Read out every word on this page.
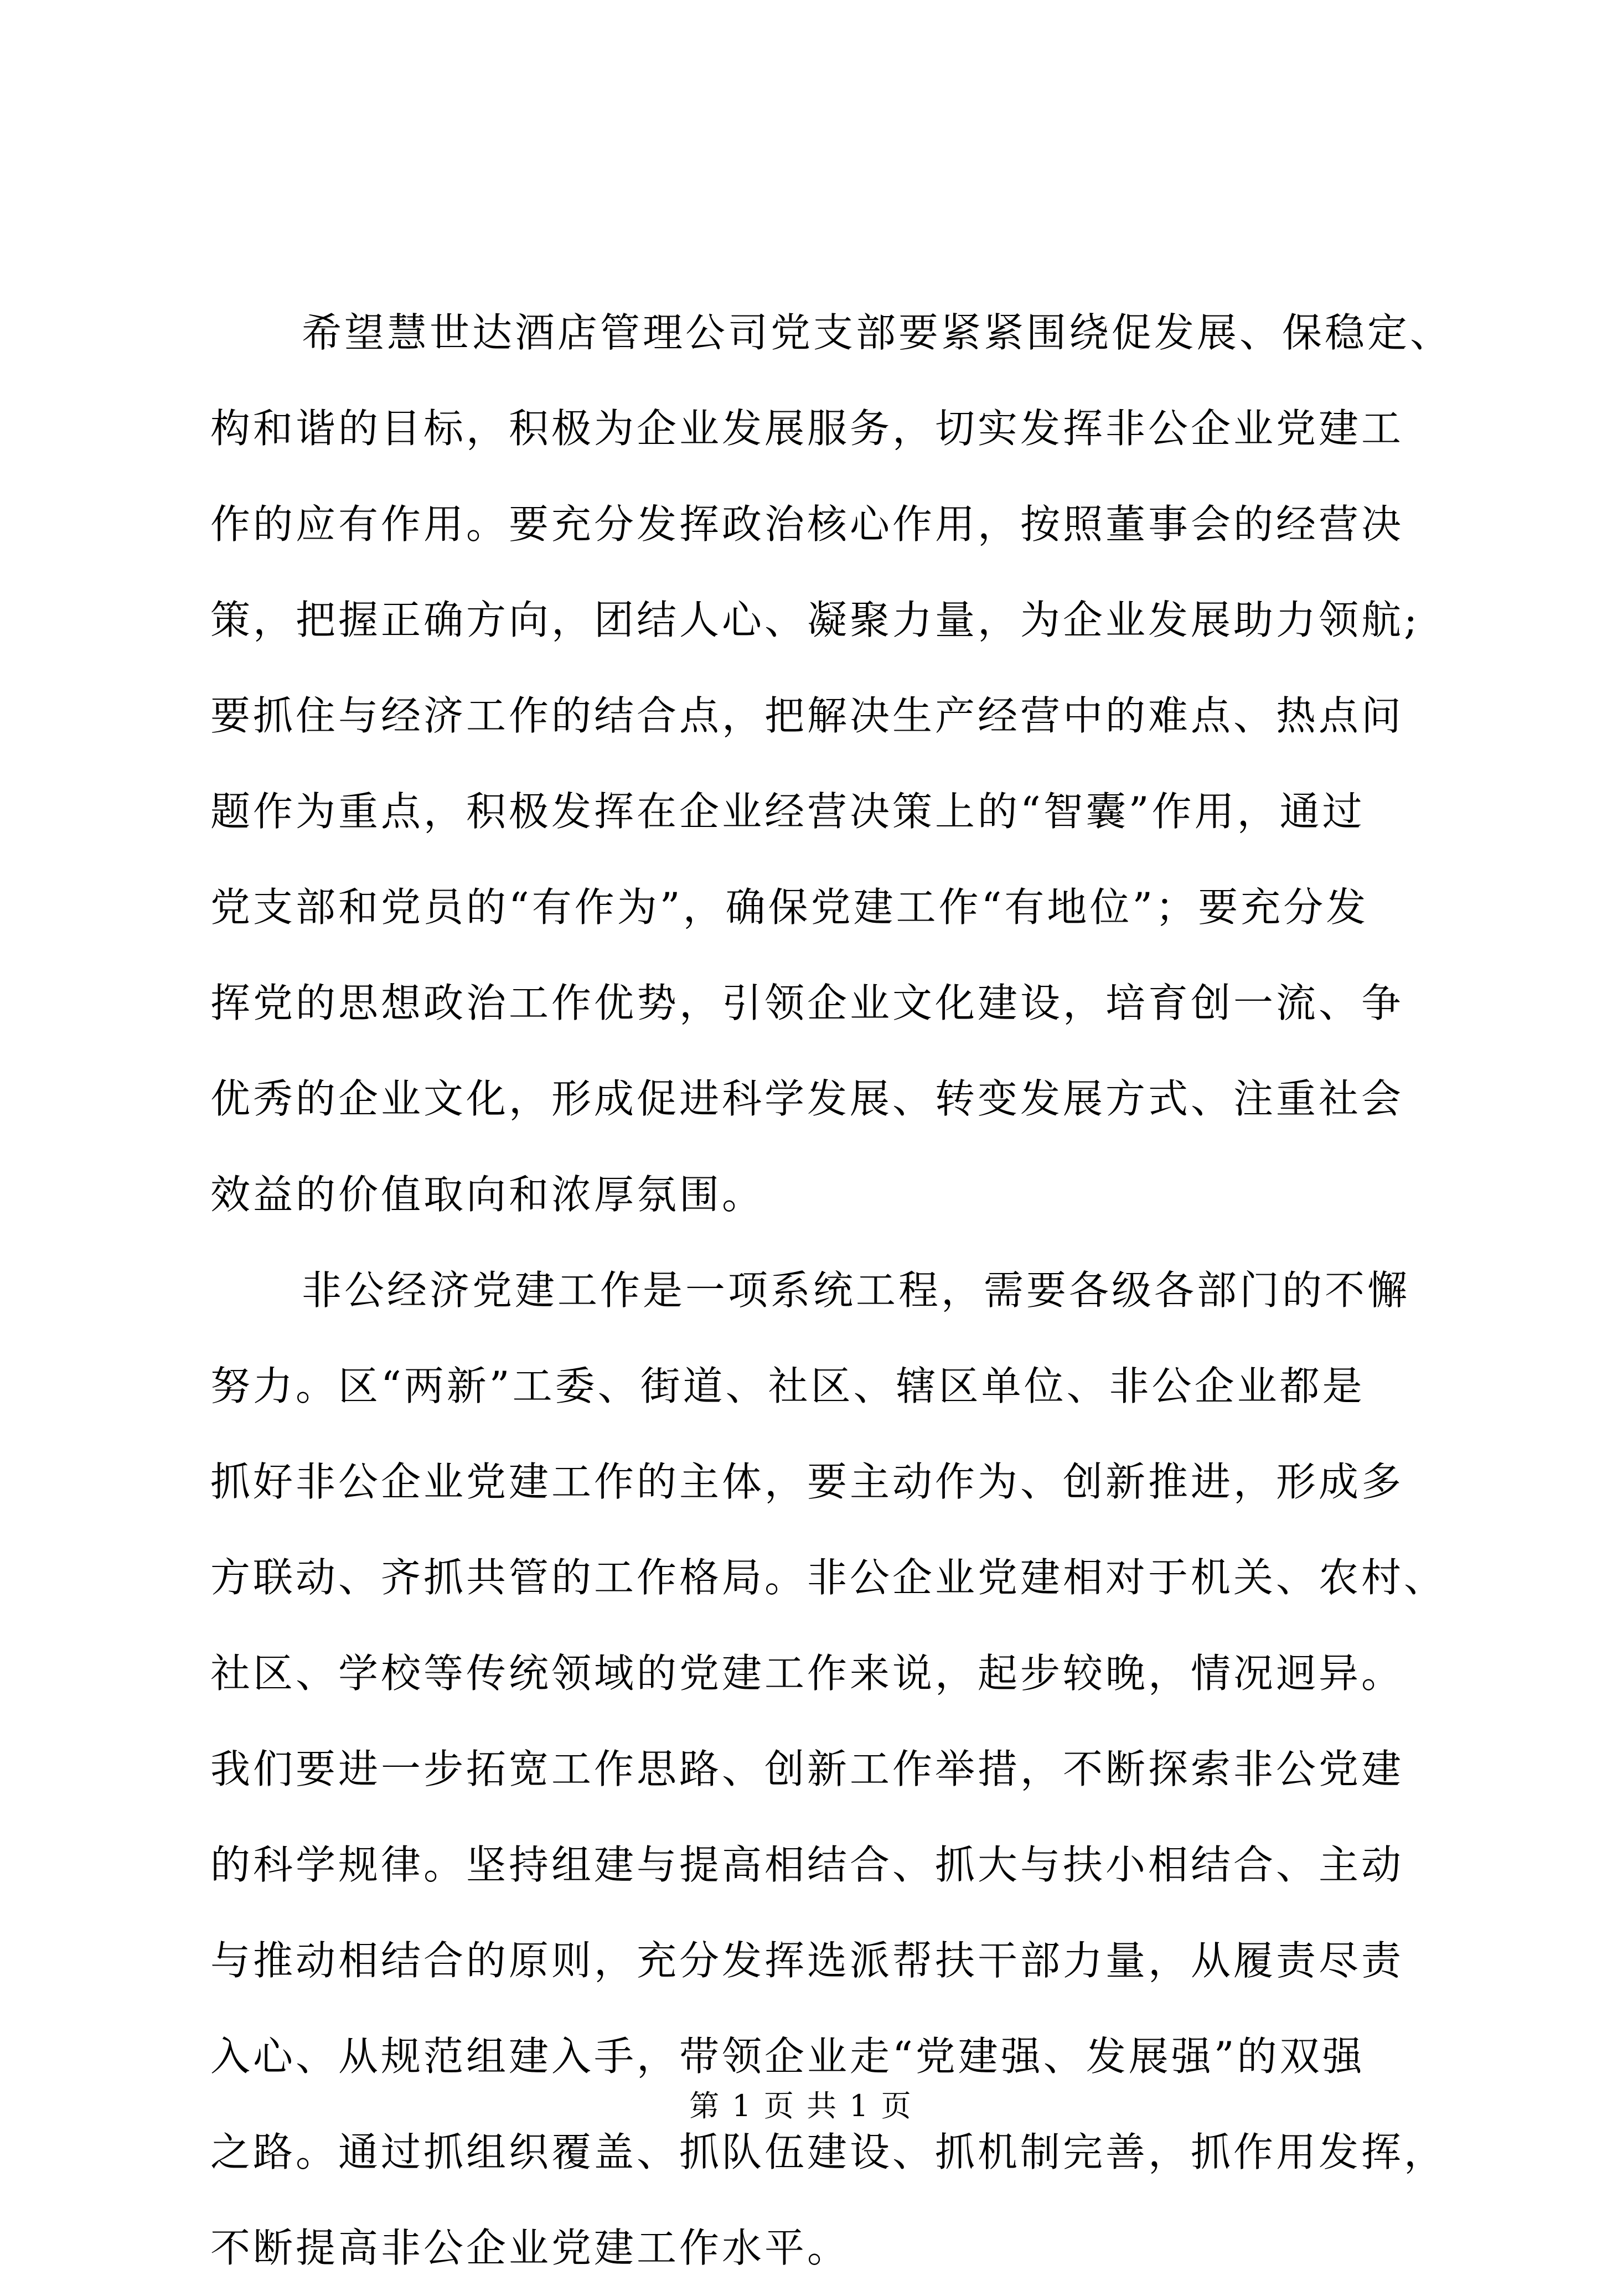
希望慧世达酒店管理公司党支部要紧紧围绕促发展、保稳定、
构和谐的目标，积极为企业发展服务，切实发挥非公企业党建工
作的应有作用。要充分发挥政治核心作用，按照董事会的经营决
策，把握正确方向，团结人心、凝聚力量，为企业发展助力领航;
要抓住与经济工作的结合点，把解决生产经营中的难点、热点问
题作为重点，积极发挥在企业经营决策上的“智囊”作用，通过
党支部和党员的“有作为”，确保党建工作“有地位”；要充分发
挥党的思想政治工作优势，引领企业文化建设，培育创一流、争
优秀的企业文化，形成促进科学发展、转变发展方式、注重社会
效益的价值取向和浓厚氛围。
非公经济党建工作是一项系统工程，需要各级各部门的不懈
努力。区“两新”工委、街道、社区、辖区单位、非公企业都是
抓好非公企业党建工作的主体，要主动作为、创新推进，形成多
方联动、齐抓共管的工作格局。非公企业党建相对于机关、农村、
社区、学校等传统领域的党建工作来说，起步较晚，情况迥异。
我们要进一步拓宽工作思路、创新工作举措，不断探索非公党建
的科学规律。坚持组建与提高相结合、抓大与扶小相结合、主动
与推动相结合的原则，充分发挥选派帮扶干部力量，从履责尽责
入心、从规范组建入手，带领企业走“党建强、发展强”的双强
之路。通过抓组织覆盖、抓队伍建设、抓机制完善，抓作用发挥，
不断提高非公企业党建工作水平。
第 1 页 共 1 页
